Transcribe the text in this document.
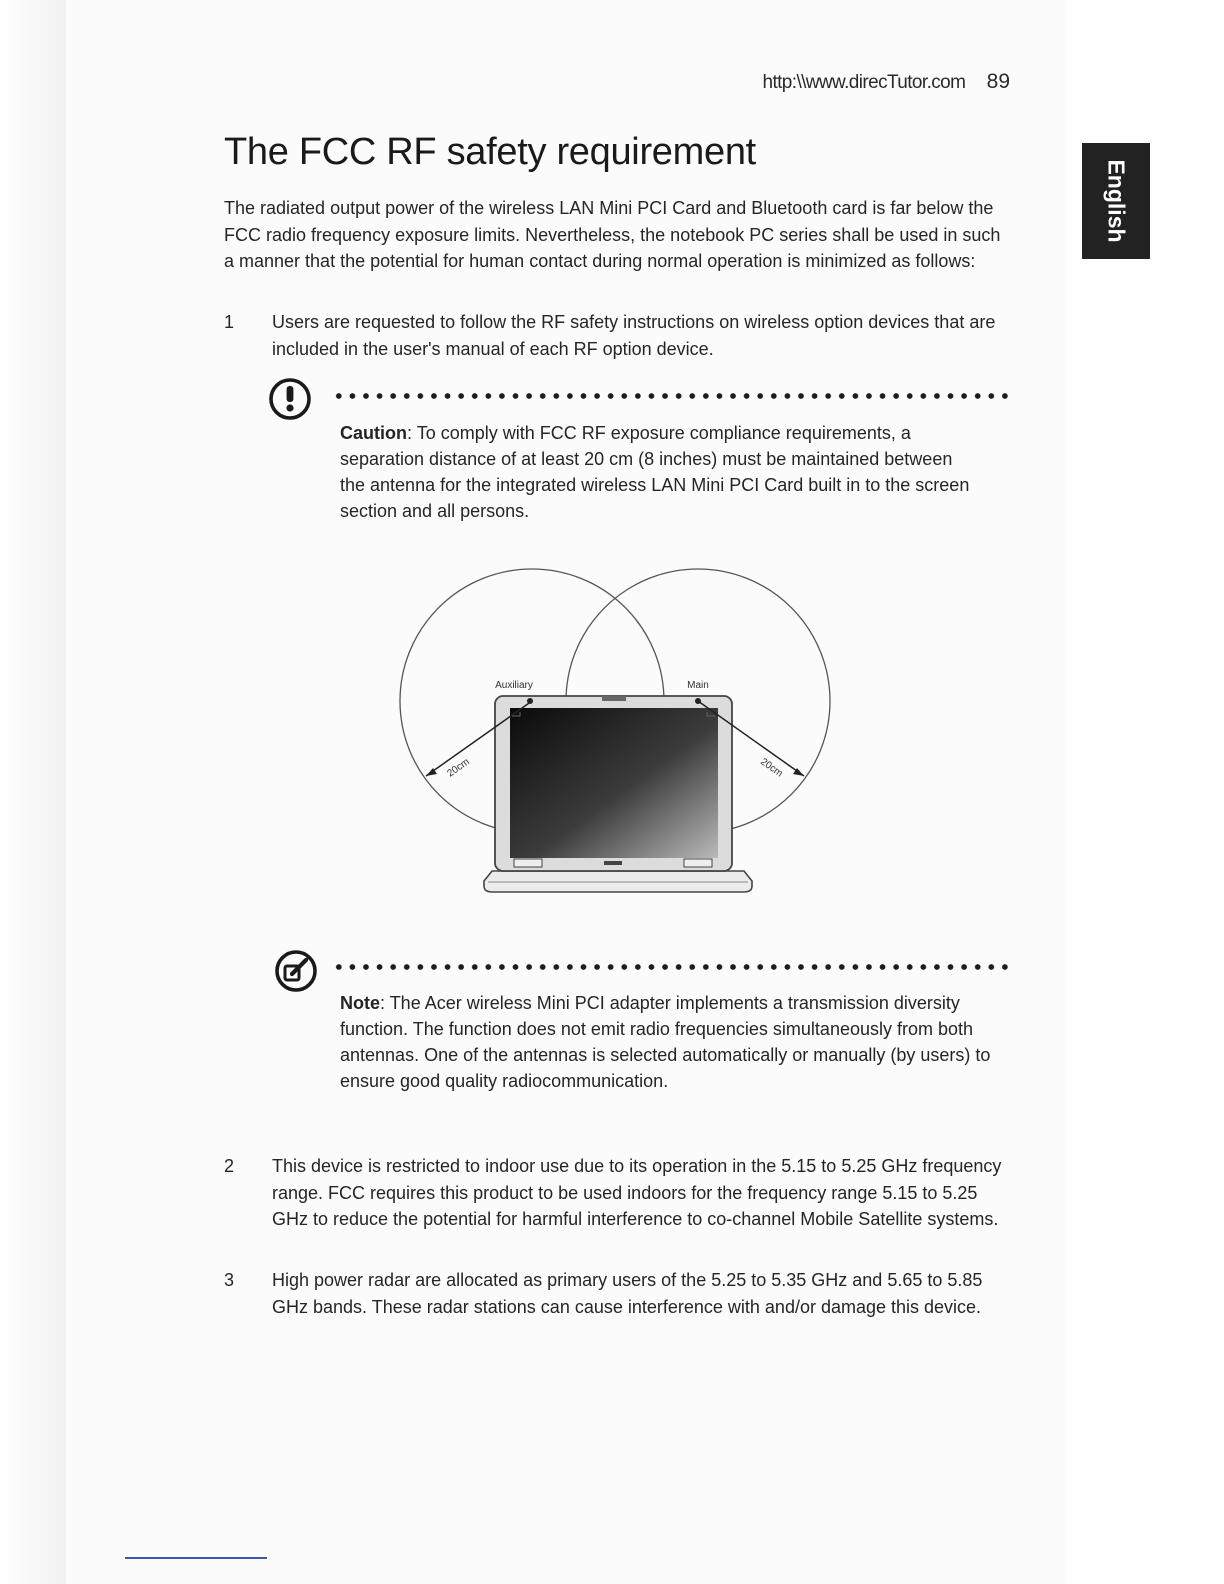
http:\\www.direcTutor.com 89
English
The FCC RF safety requirement

The radiated output power of the wireless LAN Mini PCI Card and Bluetooth card is far below the FCC radio frequency exposure limits. Nevertheless, the notebook PC series shall be used in such a manner that the potential for human contact during normal operation is minimized as follows:

1	Users are requested to follow the RF safety instructions on wireless option devices that are included in the user's manual of each RF option device.
Caution: To comply with FCC RF exposure compliance requirements, a separation distance of at least 20 cm (8 inches) must be maintained between the antenna for the integrated wireless LAN Mini PCI Card built in to the screen section and all persons.
Auxiliary	Main
20cm	20cm
Note: The Acer wireless Mini PCI adapter implements a transmission diversity function. The function does not emit radio frequencies simultaneously from both antennas. One of the antennas is selected automatically or manually (by users) to ensure good quality radiocommunication.
2	This device is restricted to indoor use due to its operation in the 5.15 to 5.25 GHz frequency range. FCC requires this product to be used indoors for the frequency range 5.15 to 5.25 GHz to reduce the potential for harmful interference to co-channel Mobile Satellite systems.
3	High power radar are allocated as primary users of the 5.25 to 5.35 GHz and 5.65 to 5.85 GHz bands. These radar stations can cause interference with and/or damage this device.
